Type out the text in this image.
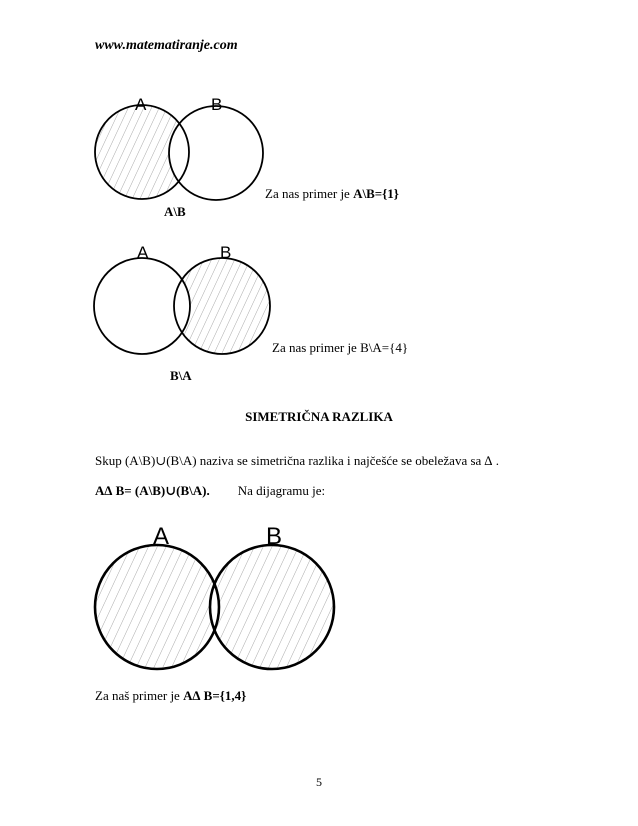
www.matematiranje.com
A	B
Za nas primer je A\B={1}
A\B
A	B
Za nas primer je B\A={4}
B\A
SIMETRIČNA RAZLIKA
Skup (A\B)∪(B\A) naziva se simetrična razlika i najčešće se obeležava sa ∆ .
A∆ B= (A\B)∪(B\A). Na dijagramu je:
A	B
Za naš primer je A∆ B={1,4}
5
